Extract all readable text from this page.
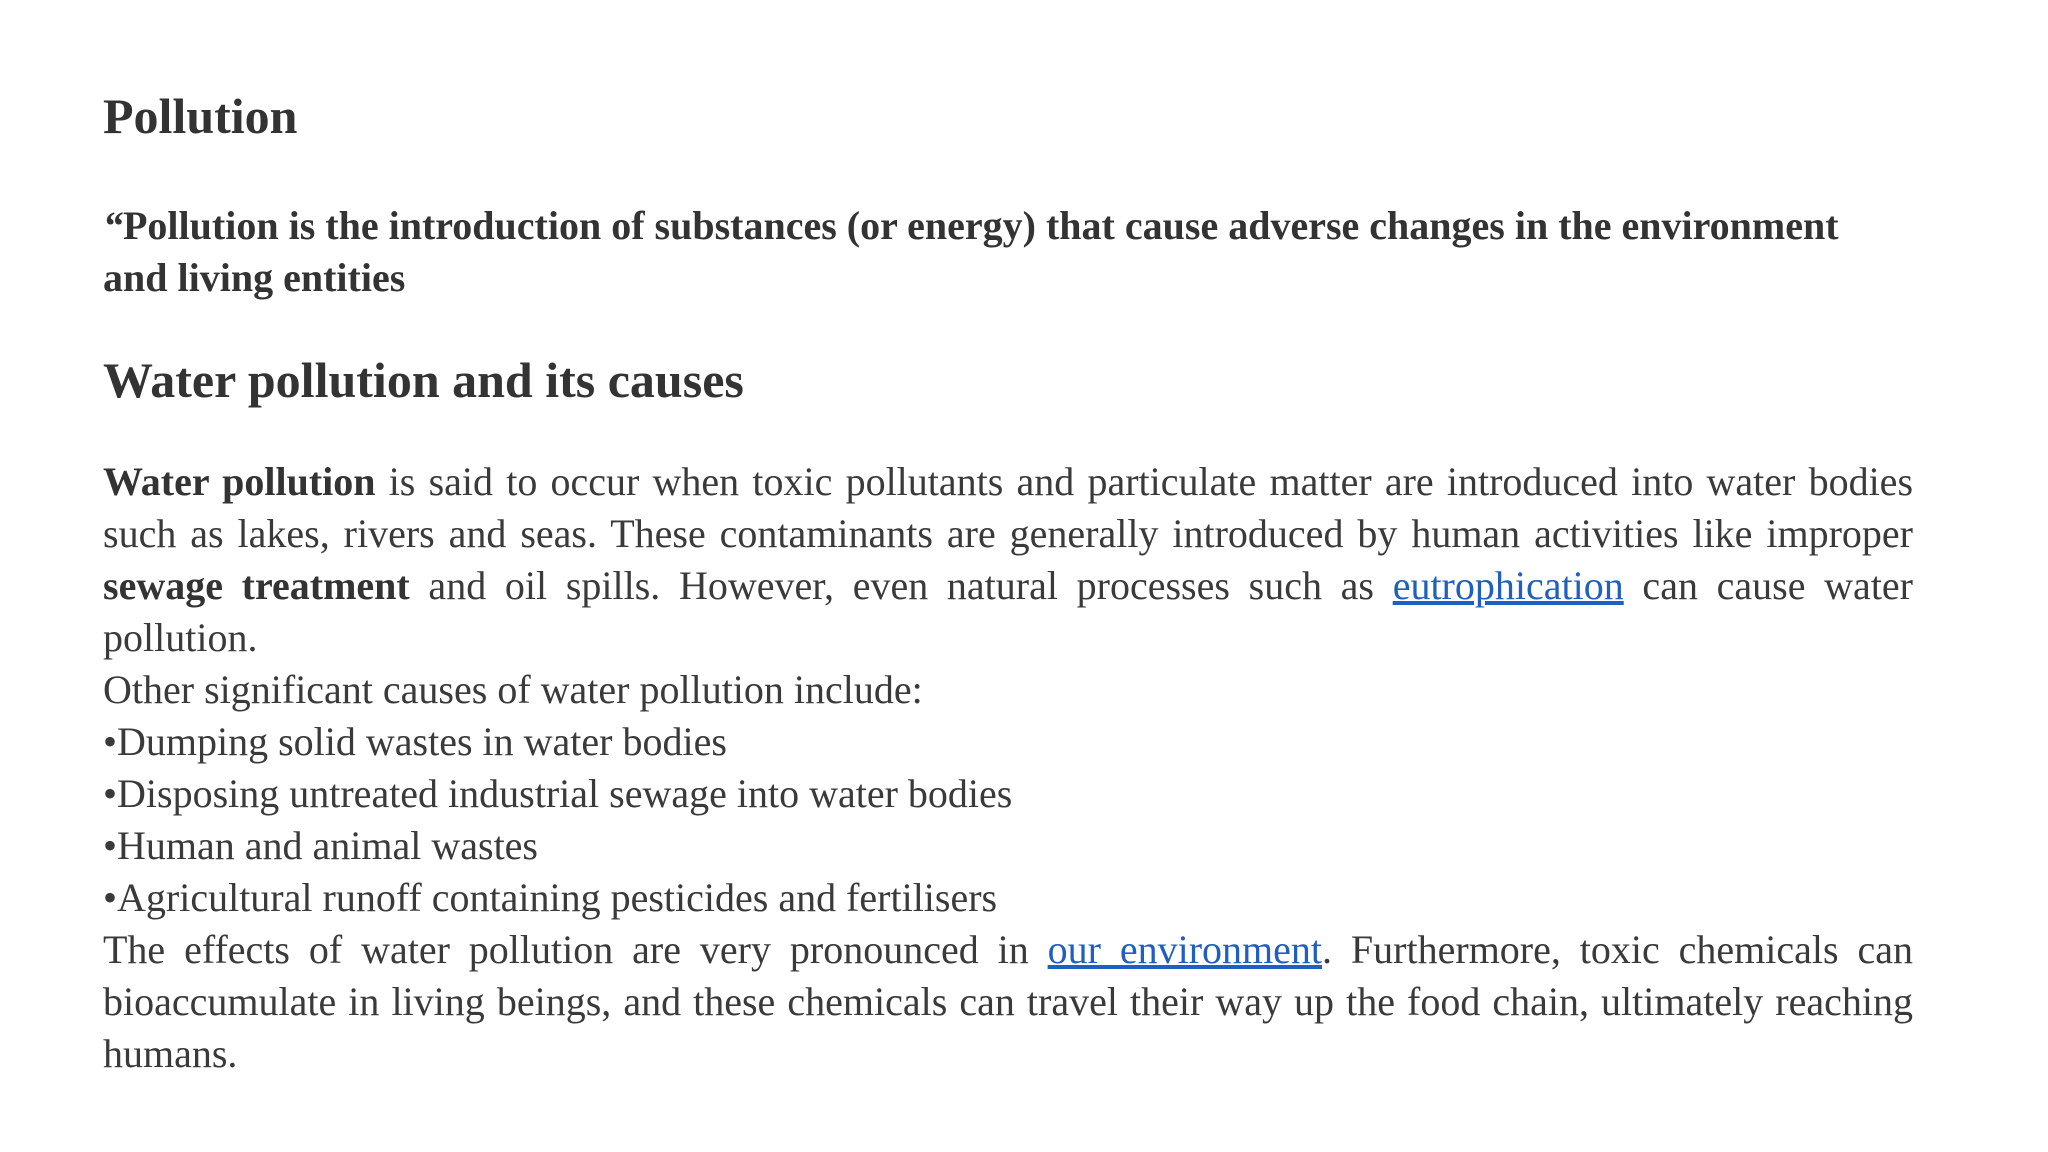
Pollution

“Pollution is the introduction of substances (or energy) that cause adverse changes in the environment and living entities

Water pollution and its causes

Water pollution is said to occur when toxic pollutants and particulate matter are introduced into water bodies such as lakes, rivers and seas. These contaminants are generally introduced by human activities like improper sewage treatment and oil spills. However, even natural processes such as eutrophication can cause water pollution.

Other significant causes of water pollution include:

•Dumping solid wastes in water bodies

•Disposing untreated industrial sewage into water bodies

•Human and animal wastes

•Agricultural runoff containing pesticides and fertilisers

The effects of water pollution are very pronounced in our environment. Furthermore, toxic chemicals can bioaccumulate in living beings, and these chemicals can travel their way up the food chain, ultimately reaching humans.
